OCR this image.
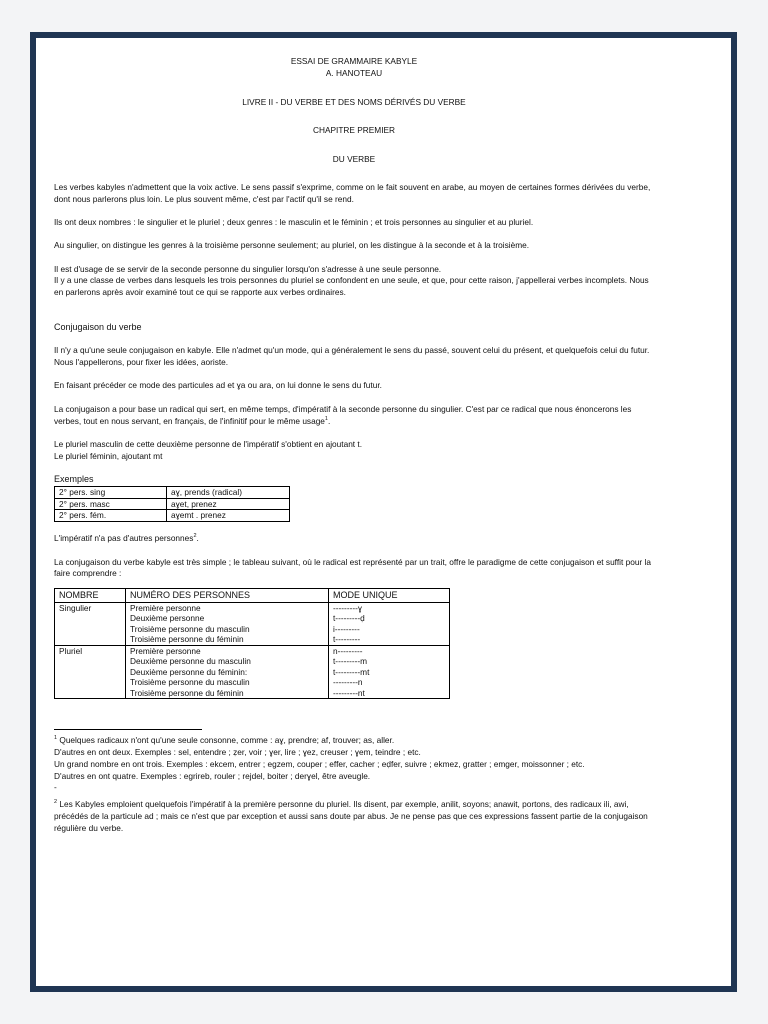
ESSAI DE GRAMMAIRE KABYLE
A. HANOTEAU
LIVRE II - DU VERBE ET DES NOMS DÉRIVÉS DU VERBE
CHAPITRE PREMIER
DU VERBE

Les verbes kabyles n'admettent que la voix active. Le sens passif s'exprime, comme on le fait souvent en arabe, au moyen de certaines formes dérivées du verbe, dont nous parlerons plus loin. Le plus souvent même, c'est par l'actif qu'il se rend.

Ils ont deux nombres : le singulier et le pluriel ; deux genres : le masculin et le féminin ; et trois personnes au singulier et au pluriel.

Au singulier, on distingue les genres à la troisième personne seulement; au pluriel, on les distingue à la seconde et à la troisième.

Il est d'usage de se servir de la seconde personne du singulier lorsqu'on s'adresse à une seule personne.

Il y a une classe de verbes dans lesquels les trois personnes du pluriel se confondent en une seule, et que, pour cette raison, j'appellerai verbes incomplets. Nous en parlerons après avoir examiné tout ce qui se rapporte aux verbes ordinaires.

Conjugaison du verbe

Il n'y a qu'une seule conjugaison en kabyle. Elle n'admet qu'un mode, qui a généralement le sens du passé, souvent celui du présent, et quelquefois celui du futur.

Nous l'appellerons, pour fixer les idées, aoriste.

En faisant précéder ce mode des particules ad et ɣa ou ara, on lui donne le sens du futur.

La conjugaison a pour base un radical qui sert, en même temps, d'impératif à la seconde personne du singulier. C'est par ce radical que nous énoncerons les verbes, tout en nous servant, en français, de l'infinitif pour le même usage$^1$.

Le pluriel masculin de cette deuxième personne de l'impératif s'obtient en ajoutant t.

Le pluriel féminin, ajoutant mt

Exemples
2° pers. sing	aɣ, prends (radical)
2° pers. masc	aɣet, prenez
2° pers. fém.	aɣemt . prenez

L'impératif n'a pas d'autres personnes$^2$.

La conjugaison du verbe kabyle est très simple ; le tableau suivant, où le radical est représenté par un trait, offre le paradigme de cette conjugaison et suffit pour la faire comprendre :

NOMBRE	NUMÉRO DES PERSONNES	MODE UNIQUE
Singulier	Première personne	---------ɣ
	Deuxième personne	t---------ḍ
	Troisième personne du masculin	i---------
	Troisième personne du féminin	t---------
Pluriel	Première personne	n---------
	Deuxième personne du masculin	t---------m
	Deuxième personne du féminin:	t---------mt
	Troisième personne du masculin	---------n
	Troisième personne du féminin	---------nt

$^1$ Quelques radicaux n'ont qu'une seule consonne, comme : aɣ, prendre; af, trouver; as, aller.

D'autres en ont deux. Exemples : sel, entendre ; ẓer, voir ; ɣer, lire ; ɣez, creuser ; ɣem, teindre ; etc.

Un grand nombre en ont trois. Exemples : ekcem, entrer ; egzem, couper ; effer, cacher ; eḍfer, suivre ; ekmez, gratter ; emger, moissonner ; etc.

D'autres en ont quatre. Exemples : egrireb, rouler ; rejdel, boiter ; derɣel, être aveugle.

-

$^2$ Les Kabyles emploient quelquefois l'impératif à la première personne du pluriel. Ils disent, par exemple, anilit, soyons; anawit, portons, des radicaux ili, awi, précédés de la particule ad ; mais ce n'est que par exception et aussi sans doute par abus. Je ne pense pas que ces expressions fassent partie de la conjugaison régulière du verbe.
